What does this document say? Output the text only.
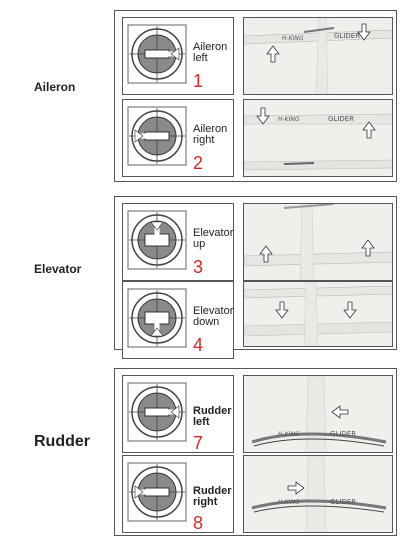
Aileron
Elevator
Rudder
Aileron
left
1
H-KING	GLIDER
Aileron
right
2
H-KING	GLIDER
Elevator
up
3
Elevator
down
4
Rudder
left
7	H-KING	GLIDER
Rudder
right
8
H-KING	GLIDER
